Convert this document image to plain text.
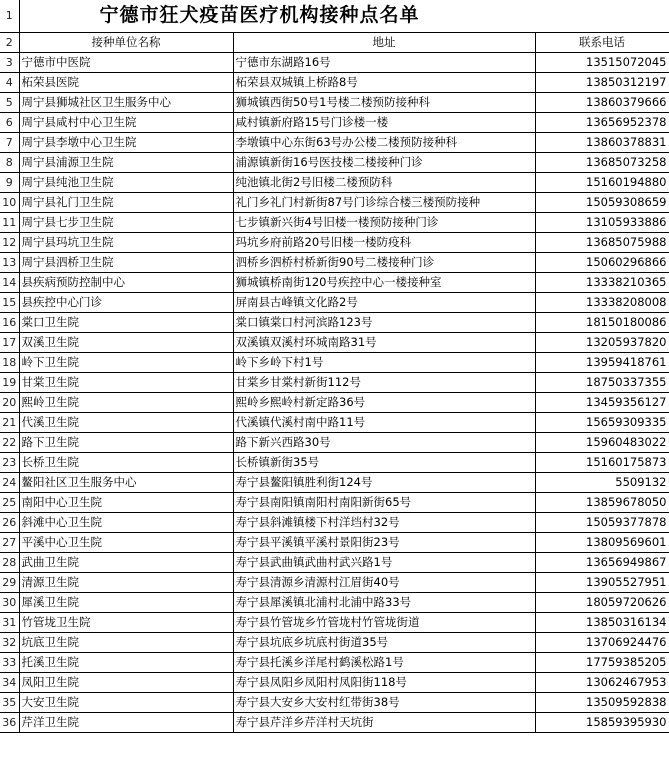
1	宁德市狂犬疫苗医疗机构接种点名单		
2	接种单位名称	地址	联系电话
3	宁德市中医院	宁德市东湖路16号	13515072045
4	柘荣县医院	柘荣县双城镇上桥路8号	13850312197
5	周宁县狮城社区卫生服务中心	狮城镇西街50号1号楼二楼预防接种科	13860379666
6	周宁县咸村中心卫生院	咸村镇新府路15号门诊楼一楼	13656952378
7	周宁县李墩中心卫生院	李墩镇中心东街63号办公楼二楼预防接种科	13860378831
8	周宁县浦源卫生院	浦源镇新街16号医技楼二楼接种门诊	13685073258
9	周宁县纯池卫生院	纯池镇北街2号旧楼二楼预防科	15160194880
10	周宁县礼门卫生院	礼门乡礼门村新街87号门诊综合楼三楼预防接种	15059308659
11	周宁县七步卫生院	七步镇新兴街4号旧楼一楼预防接种门诊	13105933886
12	周宁县玛坑卫生院	玛坑乡府前路20号旧楼一楼防疫科	13685075988
13	周宁县泗桥卫生院	泗桥乡泗桥村桥新街90号二楼接种门诊	15060296866
14	县疾病预防控制中心	狮城镇桥南街120号疾控中心一楼接种室	13338210365
15	县疾控中心门诊	屏南县古峰镇文化路2号	13338208008
16	棠口卫生院	棠口镇棠口村河滨路123号	18150180086
17	双溪卫生院	双溪镇双溪村环城南路31号	13205937820
18	岭下卫生院	岭下乡岭下村1号	13959418761
19	甘棠卫生院	甘棠乡甘棠村新街112号	18750337355
20	熙岭卫生院	熙岭乡熙岭村新定路36号	13459356127
21	代溪卫生院	代溪镇代溪村南中路11号	15659309335
22	路下卫生院	路下新兴西路30号	15960483022
23	长桥卫生院	长桥镇新街35号	15160175873
24	鳌阳社区卫生服务中心	寿宁县鳌阳镇胜利街124号	5509132
25	南阳中心卫生院	寿宁县南阳镇南阳村南阳新街65号	13859678050
26	斜滩中心卫生院	寿宁县斜滩镇楼下村洋垱村32号	15059377878
27	平溪中心卫生院	寿宁县平溪镇平溪村景阳街23号	13809569601
28	武曲卫生院	寿宁县武曲镇武曲村武兴路1号	13656949867
29	清源卫生院	寿宁县清源乡清源村江眉街40号	13905527951
30	犀溪卫生院	寿宁县犀溪镇北浦村北浦中路33号	18059720626
31	竹管垅卫生院	寿宁县竹管垅乡竹管垅村竹管垅街道	13850316134
32	坑底卫生院	寿宁县坑底乡坑底村街道35号	13706924476
33	托溪卫生院	寿宁县托溪乡洋尾村鹤溪松路1号	17759385205
34	凤阳卫生院	寿宁县凤阳乡凤阳村凤阳街118号	13062467953
35	大安卫生院	寿宁县大安乡大安村红带街38号	13509592838
36	芹洋卫生院	寿宁县芹洋乡芹洋村天坑街	15859395930
